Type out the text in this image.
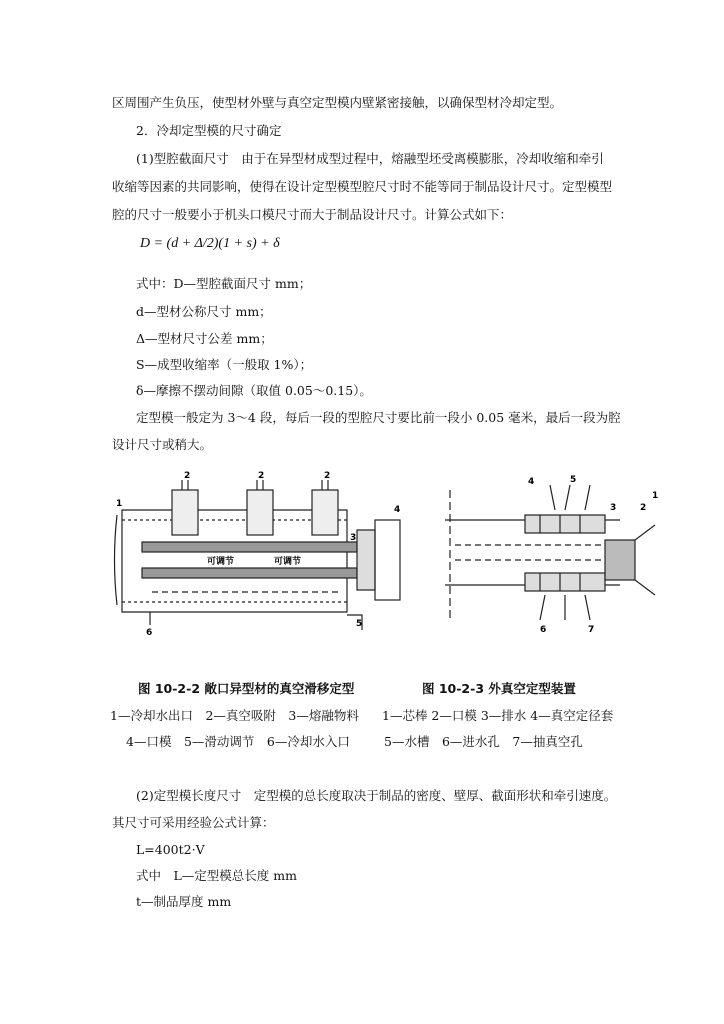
区周围产生负压，使型材外壁与真空定型模内壁紧密接触，以确保型材冷却定型。
2．冷却定型模的尺寸确定
(1)型腔截面尺寸　由于在异型材成型过程中，熔融型坯受离模膨胀，冷却收缩和牵引
收缩等因素的共同影响，使得在设计定型模型腔尺寸时不能等同于制品设计尺寸。定型模型
腔的尺寸一般要小于机头口模尺寸而大于制品设计尺寸。计算公式如下：
D = (d + Δ/2)(1 + s) + δ
式中：D—型腔截面尺寸 mm；
d—型材公称尺寸 mm；
Δ—型材尺寸公差 mm；
S—成型收缩率（一般取 1%）；
δ—摩擦不摆动间隙（取值 0.05～0.15）。
定型模一般定为 3～4 段，每后一段的型腔尺寸要比前一段小 0.05 毫米，最后一段为腔
设计尺寸或稍大。
可调节	可调节
1
2	2	2
3
4
5
6
1
2
3
4	5
6	7
图 10-2-2 敞口异型材的真空滑移定型	图 10-2-3 外真空定型装置
1—冷却水出口　2—真空吸附　3—熔融物料 1—芯棒 2—口模 3—排水 4—真空定径套
4—口模　5—滑动调节　6—冷却水入口	5—水槽　6—进水孔　7—抽真空孔
(2)定型模长度尺寸　定型模的总长度取决于制品的密度、壁厚、截面形状和牵引速度。
其尺寸可采用经验公式计算：
L=400t2·V
式中　L—定型模总长度 mm
t—制品厚度 mm
